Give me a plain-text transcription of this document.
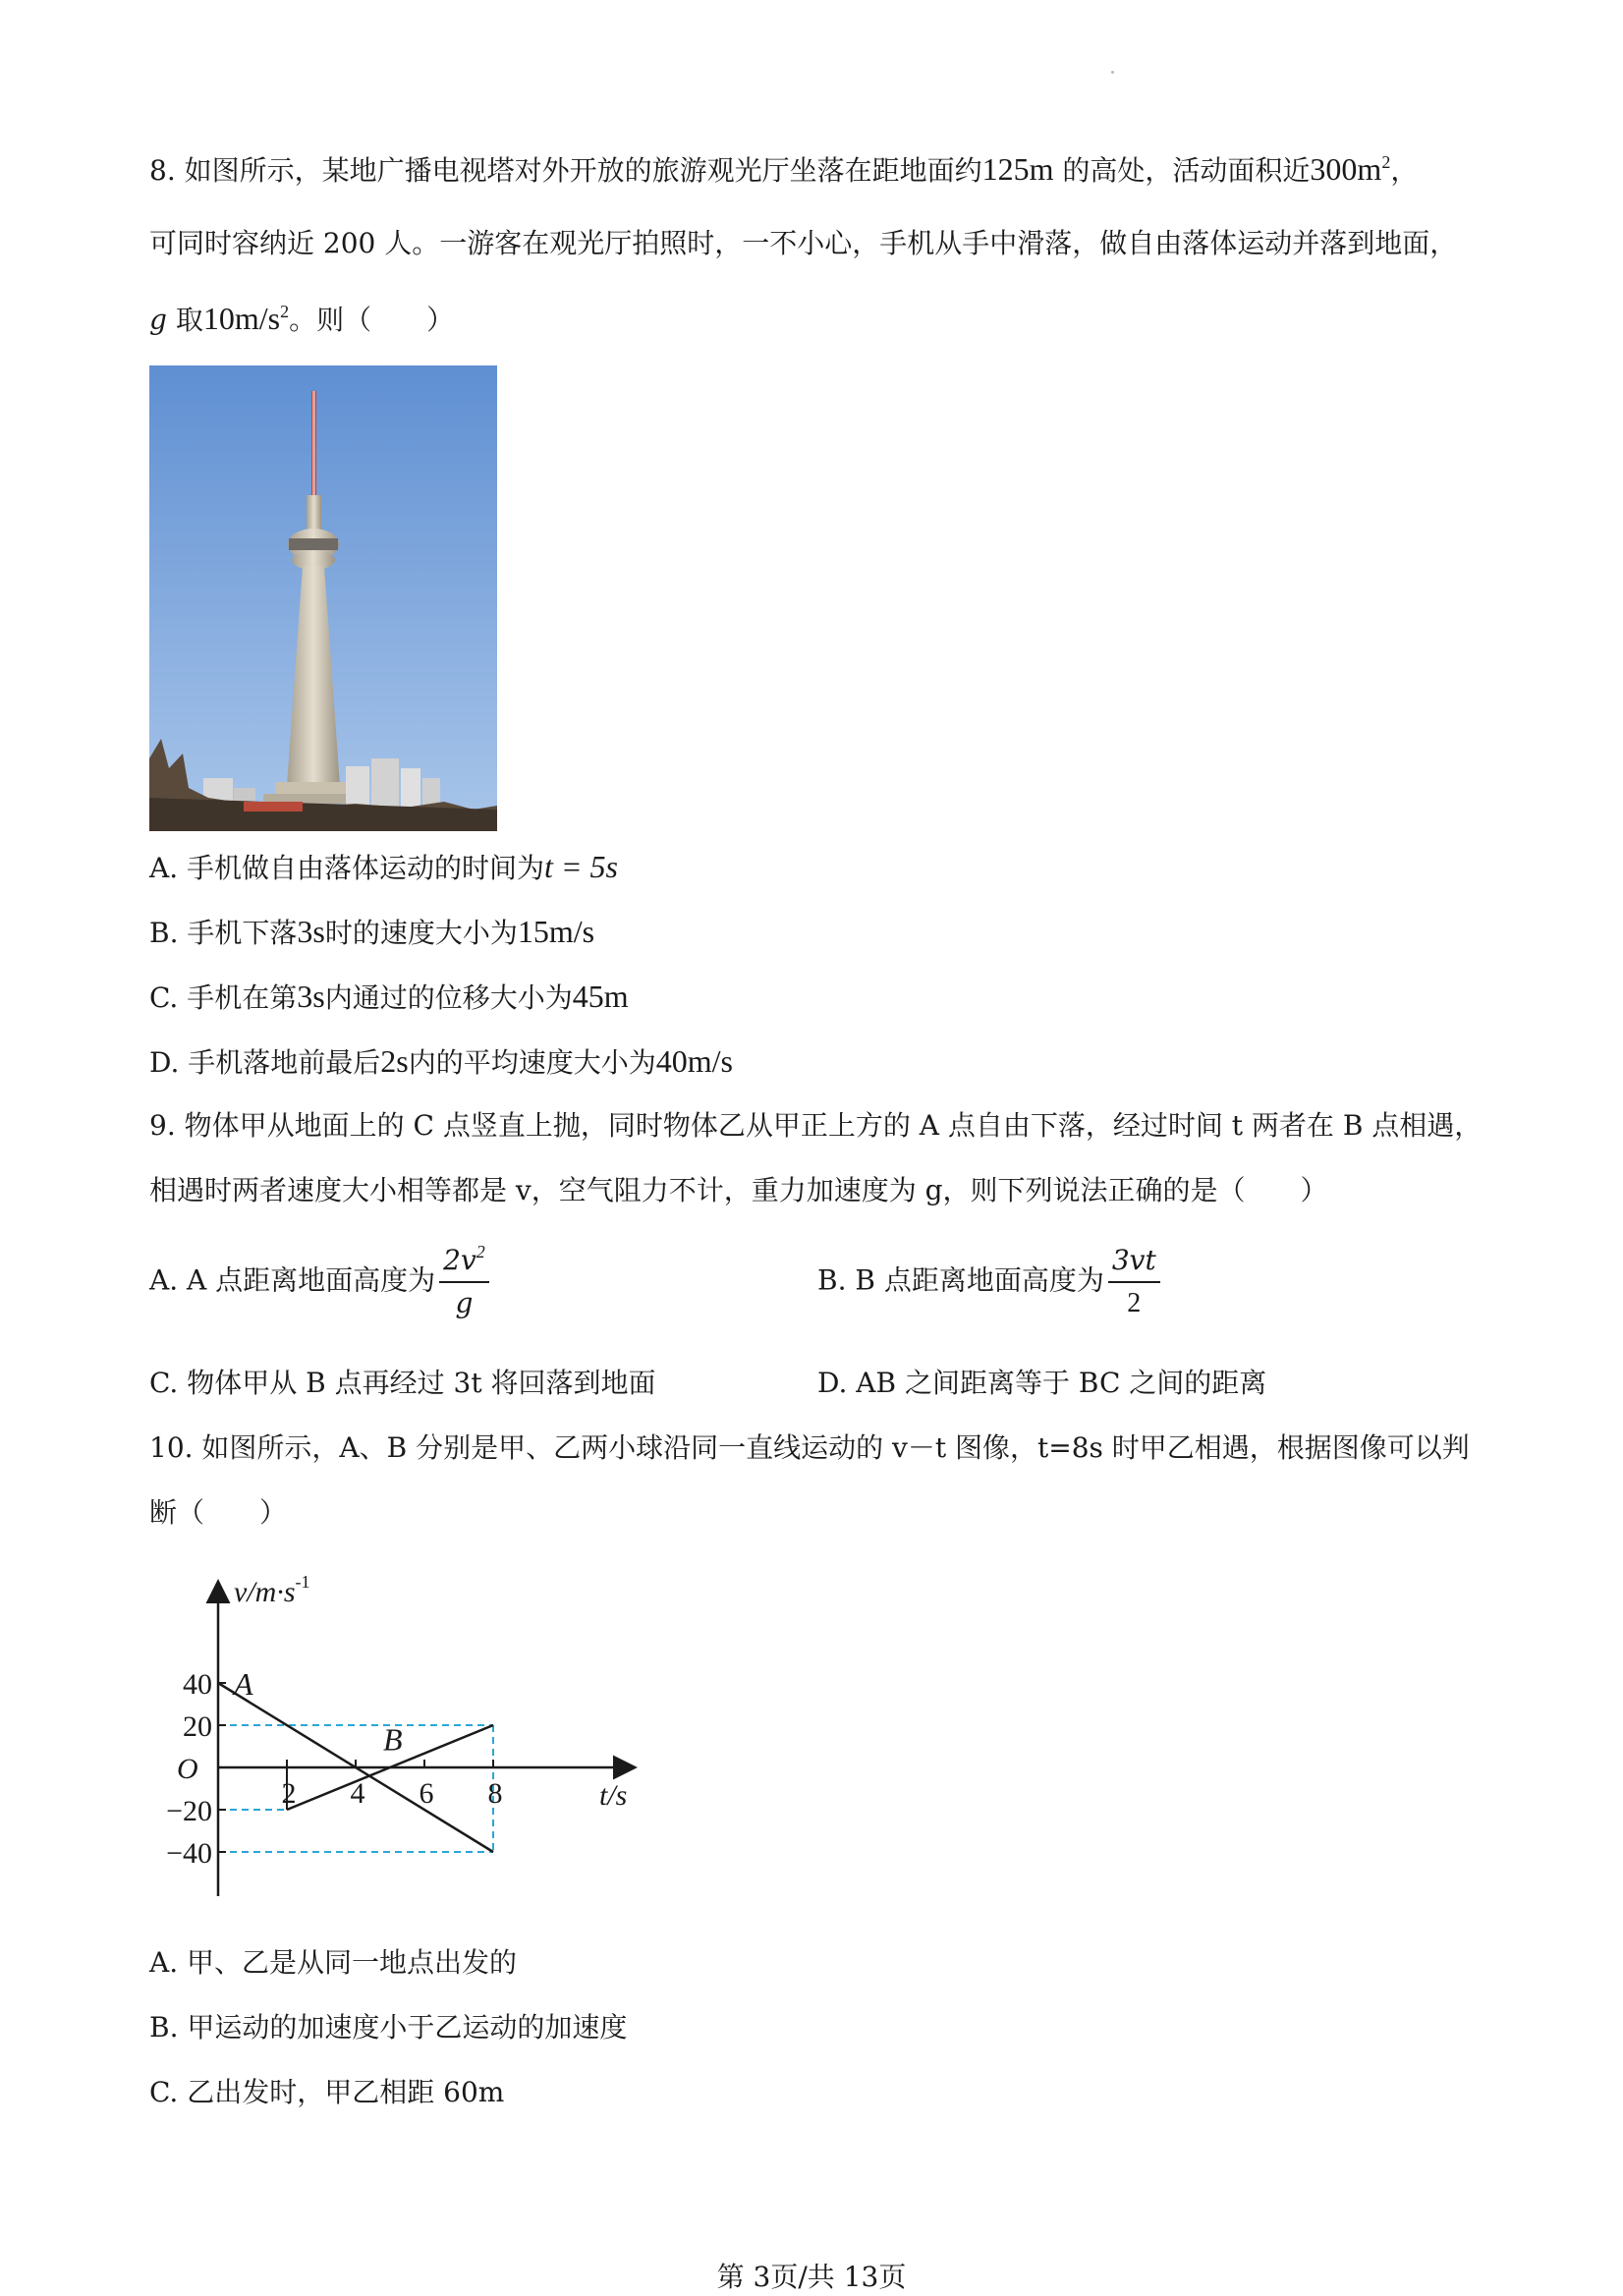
8. 如图所示，某地广播电视塔对外开放的旅游观光厅坐落在距地面约125m 的高处，活动面积近$300m^2$，
可同时容纳近 200 人。一游客在观光厅拍照时，一不小心，手机从手中滑落，做自由落体运动并落到地面，
g 取$10m/s^2$。则（　　）
A. 手机做自由落体运动的时间为t = 5s
B. 手机下落3s时的速度大小为15m/s
C. 手机在第3s内通过的位移大小为45m
D. 手机落地前最后2s内的平均速度大小为40m/s
9. 物体甲从地面上的 C 点竖直上抛，同时物体乙从甲正上方的 A 点自由下落，经过时间 t 两者在 B 点相遇，
相遇时两者速度大小相等都是 v，空气阻力不计，重力加速度为 g，则下列说法正确的是（　　）
A. A 点距离地面高度为 $\frac{2v^2}{g}$	B. B 点距离地面高度为 $\frac{3vt}{2}$
C. 物体甲从 B 点再经过 3t 将回落到地面	D. AB 之间距离等于 BC 之间的距离
10. 如图所示，A、B 分别是甲、乙两小球沿同一直线运动的 v－t 图像，t=8s 时甲乙相遇，根据图像可以判
断（　　）
40
20
−20
−40
2 4 6 8
A
B
$v/m\cdot s^{-1}$
t/s
O
A. 甲、乙是从同一地点出发的
B. 甲运动的加速度小于乙运动的加速度
C. 乙出发时，甲乙相距 60m
第 3页/共 13页
